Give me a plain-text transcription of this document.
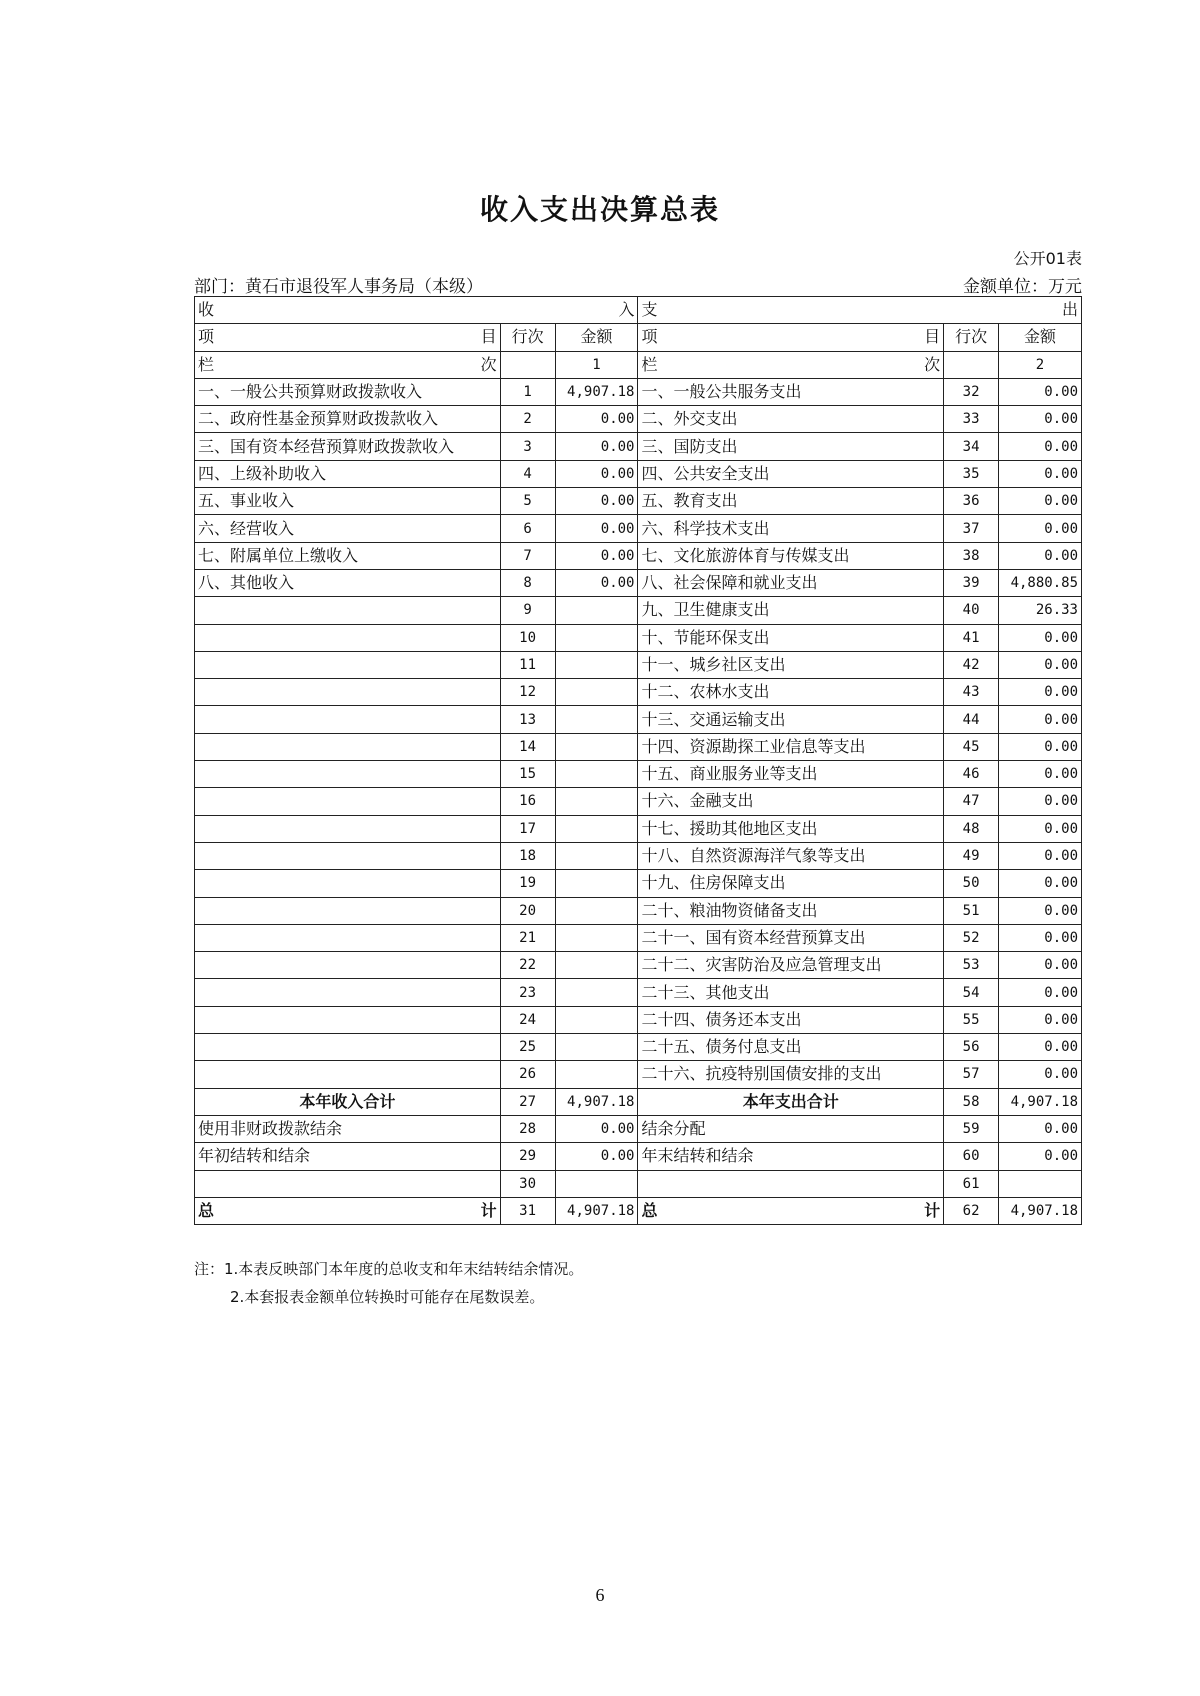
收入支出决算总表
公开01表
部门：黄石市退役军人事务局（本级）	金额单位：万元
收 入			支 出		

项 目	行次	金额	项 目	行次	金额

栏 次		1	栏 次		2
一、一般公共预算财政拨款收入	1	4,907.18	一、一般公共服务支出	32	0.00
二、政府性基金预算财政拨款收入	2	0.00	二、外交支出	33	0.00
三、国有资本经营预算财政拨款收入	3	0.00	三、国防支出	34	0.00
四、上级补助收入	4	0.00	四、公共安全支出	35	0.00
五、事业收入	5	0.00	五、教育支出	36	0.00
六、经营收入	6	0.00	六、科学技术支出	37	0.00
七、附属单位上缴收入	7	0.00	七、文化旅游体育与传媒支出	38	0.00
八、其他收入	8	0.00	八、社会保障和就业支出	39	4,880.85
	9		九、卫生健康支出	40	26.33
	10		十、节能环保支出	41	0.00
	11		十一、城乡社区支出	42	0.00
	12		十二、农林水支出	43	0.00
	13		十三、交通运输支出	44	0.00
	14		十四、资源勘探工业信息等支出	45	0.00
	15		十五、商业服务业等支出	46	0.00
	16		十六、金融支出	47	0.00
	17		十七、援助其他地区支出	48	0.00
	18		十八、自然资源海洋气象等支出	49	0.00
	19		十九、住房保障支出	50	0.00
	20		二十、粮油物资储备支出	51	0.00
	21		二十一、国有资本经营预算支出	52	0.00
	22		二十二、灾害防治及应急管理支出	53	0.00
	23		二十三、其他支出	54	0.00
	24		二十四、债务还本支出	55	0.00
	25		二十五、债务付息支出	56	0.00
	26		二十六、抗疫特别国债安排的支出	57	0.00
本年收入合计	27	4,907.18	本年支出合计	58	4,907.18
使用非财政拨款结余	28	0.00	结余分配	59	0.00
年初结转和结余	29	0.00	年末结转和结余	60	0.00
	30			61	

总 计	31	4,907.18	总 计	62	4,907.18
注：1.本表反映部门本年度的总收支和年末结转结余情况。
2.本套报表金额单位转换时可能存在尾数误差。
6
